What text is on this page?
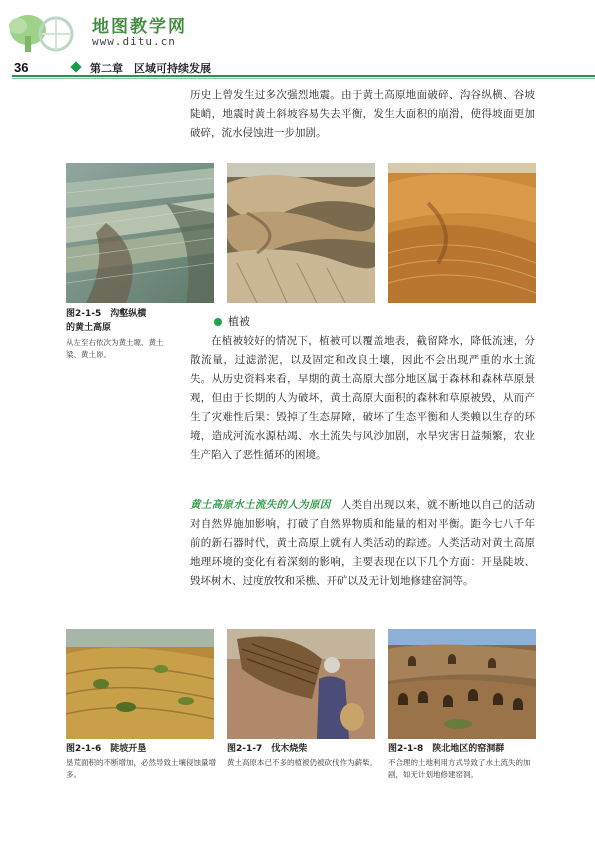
地图教学网
www.ditu.cn
36	第二章　区域可持续发展
历史上曾发生过多次强烈地震。由于黄土高原地面破碎、沟谷纵横、谷坡陡峭，地震时黄土斜坡容易失去平衡，发生大面积的崩滑，使得坡面更加破碎，流水侵蚀进一步加剧。
图2-1-5　沟壑纵横
的黄土高原
从左至右依次为黄土塬、黄土梁、黄土峁。
植被
在植被较好的情况下，植被可以覆盖地表，截留降水，降低流速，分散流量，过滤淤泥，以及固定和改良土壤，因此不会出现严重的水土流失。从历史资料来看，早期的黄土高原大部分地区属于森林和森林草原景观，但由于长期的人为破坏，黄土高原大面积的森林和草原被毁，从而产生了灾难性后果：毁掉了生态屏障，破坏了生态平衡和人类赖以生存的环境，造成河流水源枯竭、水土流失与风沙加剧，水旱灾害日益频繁，农业生产陷入了恶性循环的困境。
黄土高原水土流失的人为原因 人类自出现以来，就不断地以自己的活动对自然界施加影响，打破了自然界物质和能量的相对平衡。距今七八千年前的新石器时代，黄土高原上就有人类活动的踪迹。人类活动对黄土高原地理环境的变化有着深刻的影响，主要表现在以下几个方面：开垦陡坡、毁坏树木、过度放牧和采樵、开矿以及无计划地修建窑洞等。
图2-1-6　陡坡开垦
垦荒面积的不断增加，必然导致土壤侵蚀量增多。
图2-1-7　伐木烧柴
黄土高原本已不多的植被仍被砍伐作为薪柴。
图2-1-8　陕北地区的窑洞群
不合理的土地利用方式导致了水土流失的加剧，如无计划地修建窑洞。
